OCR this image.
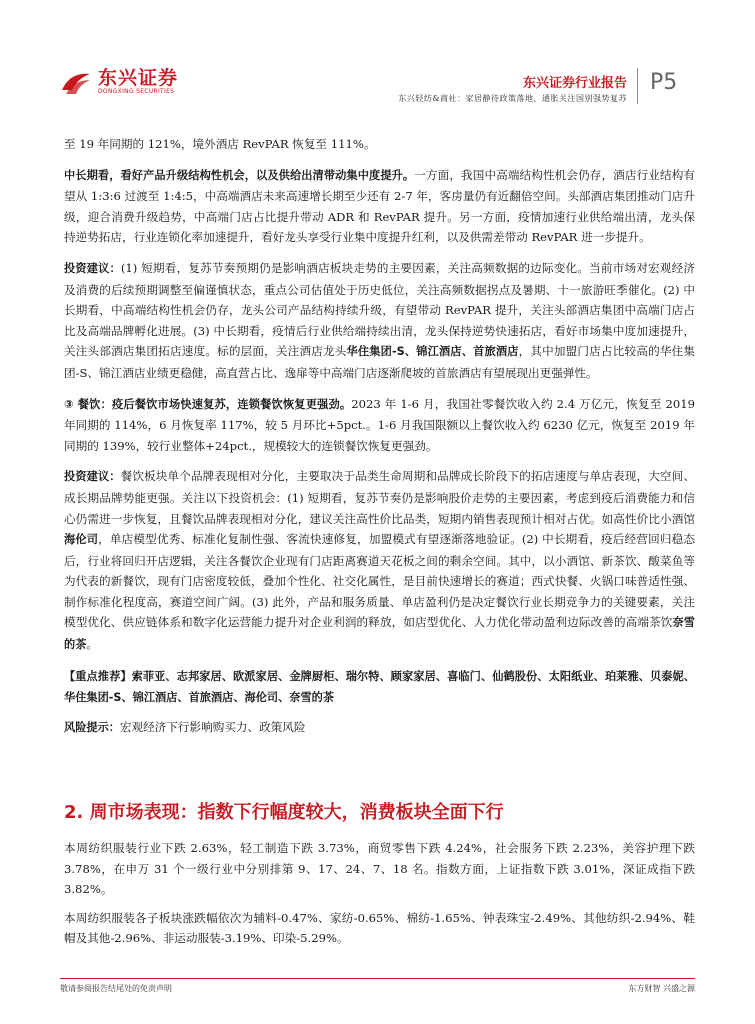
东兴证券
DONGXING SECURITIES
东兴证券行业报告
东兴轻纺&商社：家居静待政策落地，通胀关注国别强势复苏
P5

至 19 年同期的 121%，境外酒店 RevPAR 恢复至 111%。

中长期看，看好产品升级结构性机会，以及供给出清带动集中度提升。一方面，我国中高端结构性机会仍存，酒店行业结构有望从 1:3:6 过渡至 1:4:5，中高端酒店未来高速增长期至少还有 2-7 年，客房量仍有近翻倍空间。头部酒店集团推动门店升级，迎合消费升级趋势，中高端门店占比提升带动 ADR 和 RevPAR 提升。另一方面，疫情加速行业供给端出清，龙头保持逆势拓店，行业连锁化率加速提升，看好龙头享受行业集中度提升红利，以及供需差带动 RevPAR 进一步提升。

投资建议：(1) 短期看，复苏节奏预期仍是影响酒店板块走势的主要因素，关注高频数据的边际变化。当前市场对宏观经济及消费的后续预期调整至偏谨慎状态，重点公司估值处于历史低位，关注高频数据拐点及暑期、十一旅游旺季催化。(2) 中长期看，中高端结构性机会仍存，龙头公司产品结构持续升级，有望带动 RevPAR 提升，关注头部酒店集团中高端门店占比及高端品牌孵化进展。(3) 中长期看，疫情后行业供给端持续出清，龙头保持逆势快速拓店，看好市场集中度加速提升，关注头部酒店集团拓店速度。标的层面，关注酒店龙头华住集团-S、锦江酒店、首旅酒店，其中加盟门店占比较高的华住集团-S、锦江酒店业绩更稳健，高直营占比、逸扉等中高端门店逐渐爬坡的首旅酒店有望展现出更强弹性。

③ 餐饮：疫后餐饮市场快速复苏，连锁餐饮恢复更强劲。2023 年 1-6 月，我国社零餐饮收入约 2.4 万亿元，恢复至 2019 年同期的 114%，6 月恢复率 117%，较 5 月环比+5pct.。1-6 月我国限额以上餐饮收入约 6230 亿元，恢复至 2019 年同期的 139%，较行业整体+24pct.，规模较大的连锁餐饮恢复更强劲。

投资建议：餐饮板块单个品牌表现相对分化，主要取决于品类生命周期和品牌成长阶段下的拓店速度与单店表现，大空间、成长期品牌势能更强。关注以下投资机会：(1) 短期看，复苏节奏仍是影响股价走势的主要因素，考虑到疫后消费能力和信心仍需进一步恢复，且餐饮品牌表现相对分化，建议关注高性价比品类，短期内销售表现预计相对占优。如高性价比小酒馆海伦司，单店模型优秀、标准化复制性强、客流快速修复，加盟模式有望逐渐落地验证。(2) 中长期看，疫后经营回归稳态后，行业将回归开店逻辑，关注各餐饮企业现有门店距离赛道天花板之间的剩余空间。其中，以小酒馆、新茶饮、酸菜鱼等为代表的新餐饮，现有门店密度较低，叠加个性化、社交化属性，是目前快速增长的赛道；西式快餐、火锅口味普适性强、制作标准化程度高，赛道空间广阔。(3) 此外，产品和服务质量、单店盈利仍是决定餐饮行业长期竞争力的关键要素，关注模型优化、供应链体系和数字化运营能力提升对企业利润的释放，如店型优化、人力优化带动盈利边际改善的高端茶饮奈雪的茶。

【重点推荐】索菲亚、志邦家居、欧派家居、金牌厨柜、瑞尔特、顾家家居、喜临门、仙鹤股份、太阳纸业、珀莱雅、贝泰妮、华住集团-S、锦江酒店、首旅酒店、海伦司、奈雪的茶

风险提示：宏观经济下行影响购买力、政策风险

2. 周市场表现：指数下行幅度较大，消费板块全面下行

本周纺织服装行业下跌 2.63%，轻工制造下跌 3.73%，商贸零售下跌 4.24%，社会服务下跌 2.23%，美容护理下跌 3.78%，在申万 31 个一级行业中分别排第 9、17、24、7、18 名。指数方面，上证指数下跌 3.01%，深证成指下跌 3.82%。

本周纺织服装各子板块涨跌幅依次为辅料-0.47%、家纺-0.65%、棉纺-1.65%、钟表珠宝-2.49%、其他纺织-2.94%、鞋帽及其他-2.96%、非运动服装-3.19%、印染-5.29%。

敬请参阅报告结尾处的免责声明	东方财智 兴盛之源
